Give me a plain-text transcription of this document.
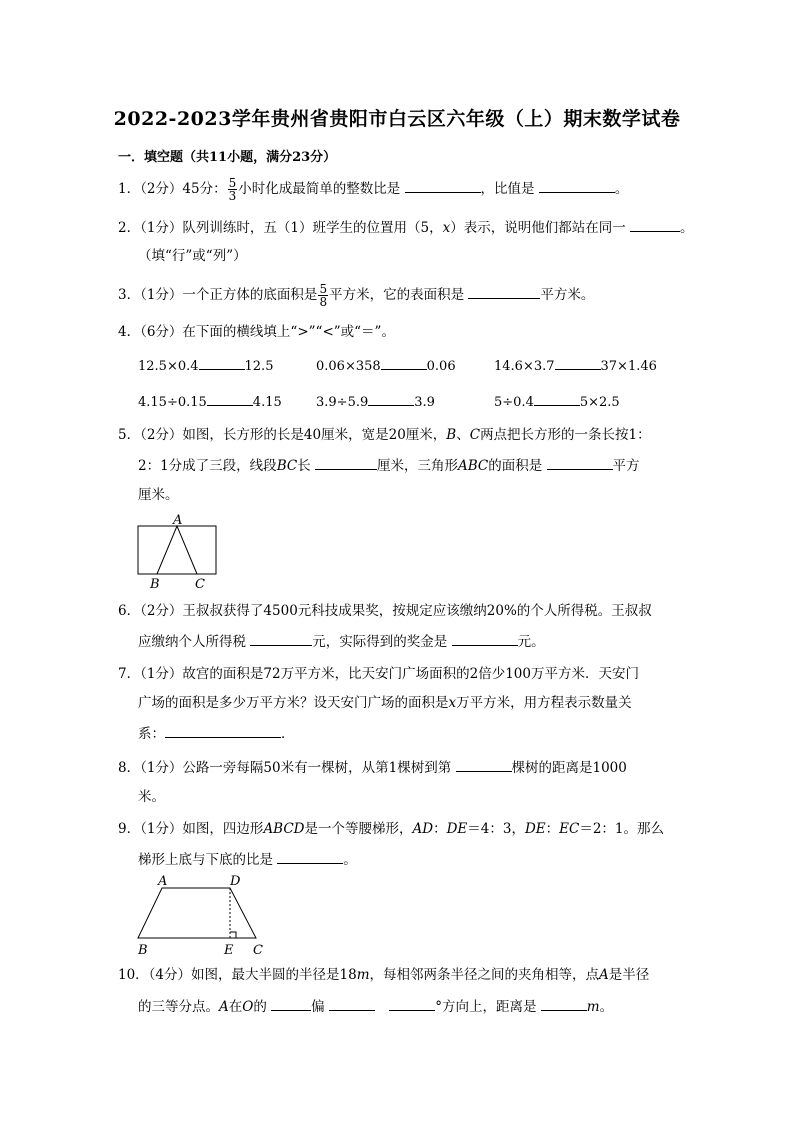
2022-2023学年贵州省贵阳市白云区六年级（上）期末数学试卷
一．填空题（共11小题，满分23分）
1．（2分）45分： $\frac{5}{3}$ 小时化成最简单的整数比是	，比值是	。
2．（1分）队列训练时，五（1）班学生的位置用（5，x）表示，说明他们都站在同一	。
（填“行”或“列”）
3．（1分）一个正方体的底面积是 $\frac{5}{8}$ 平方米，它的表面积是	平方米。
4．（6分）在下面的横线填上“>”“<”或“＝”。
12.5×0.4	12.5	0.06×358	0.06	14.6×3.7	37×1.46
4.15÷0.15	4.15	3.9÷5.9	3.9	5÷0.4	5×2.5
5．（2分）如图，长方形的长是40厘米，宽是20厘米，B、C两点把长方形的一条长按1：
2：1分成了三段，线段BC长	厘米，三角形ABC的面积是	平方
厘米。
A
B	C
6．（2分）王叔叔获得了4500元科技成果奖，按规定应该缴纳20%的个人所得税。王叔叔
应缴纳个人所得税	元，实际得到的奖金是	元。
7．（1分）故宫的面积是72万平方米，比天安门广场面积的2倍少100万平方米．天安门
广场的面积是多少万平方米？设天安门广场的面积是x万平方米，用方程表示数量关
系：	．
8．（1分）公路一旁每隔50米有一棵树，从第1棵树到第	棵树的距离是1000
米。
9．（1分）如图，四边形ABCD是一个等腰梯形，AD：DE＝4：3，DE：EC＝2：1。那么
梯形上底与下底的比是	。
A	D
B	E C
10．（4分）如图，最大半圆的半径是18m，每相邻两条半径之间的夹角相等，点A是半径
的三等分点。A在O的	偏	°方向上，距离是	m。
